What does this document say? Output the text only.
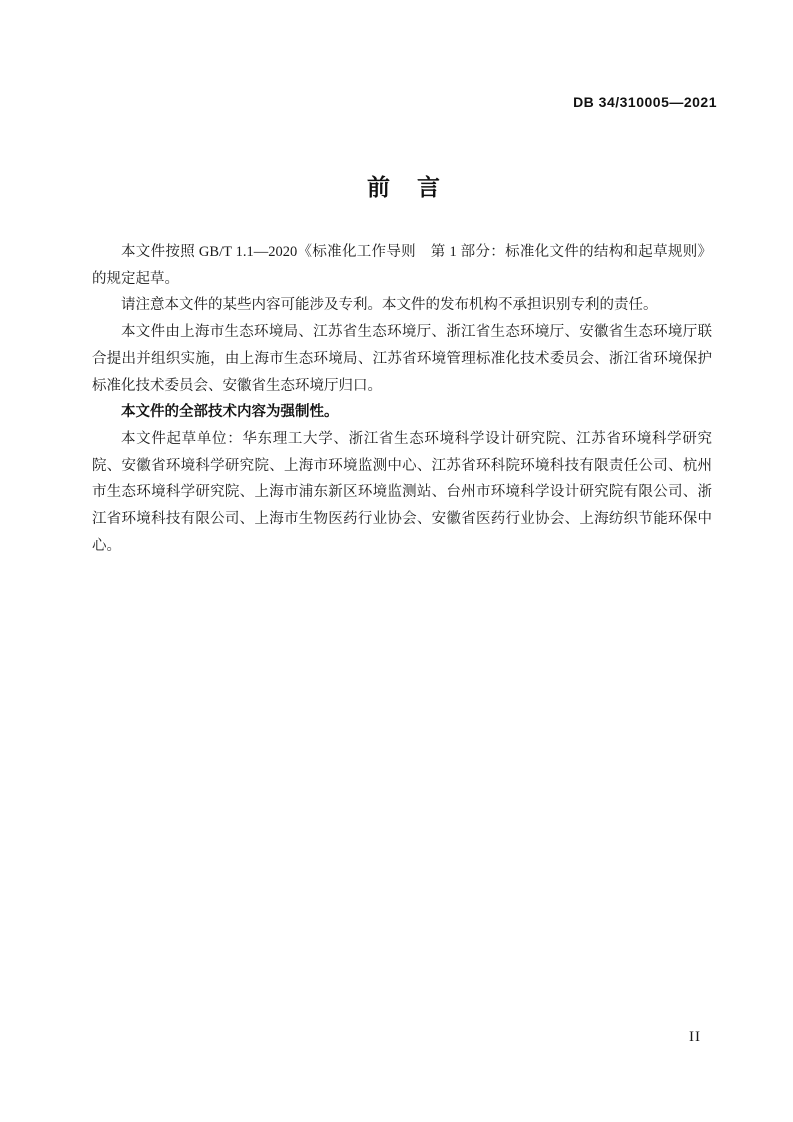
DB 34/310005—2021
前　言

本文件按照 GB/T 1.1—2020《标准化工作导则　第 1 部分：标准化文件的结构和起草规则》的规定起草。

请注意本文件的某些内容可能涉及专利。本文件的发布机构不承担识别专利的责任。

本文件由上海市生态环境局、江苏省生态环境厅、浙江省生态环境厅、安徽省生态环境厅联合提出并组织实施，由上海市生态环境局、江苏省环境管理标准化技术委员会、浙江省环境保护标准化技术委员会、安徽省生态环境厅归口。

本文件的全部技术内容为强制性。

本文件起草单位：华东理工大学、浙江省生态环境科学设计研究院、江苏省环境科学研究院、安徽省环境科学研究院、上海市环境监测中心、江苏省环科院环境科技有限责任公司、杭州市生态环境科学研究院、上海市浦东新区环境监测站、台州市环境科学设计研究院有限公司、浙江省环境科技有限公司、上海市生物医药行业协会、安徽省医药行业协会、上海纺织节能环保中心。

II
